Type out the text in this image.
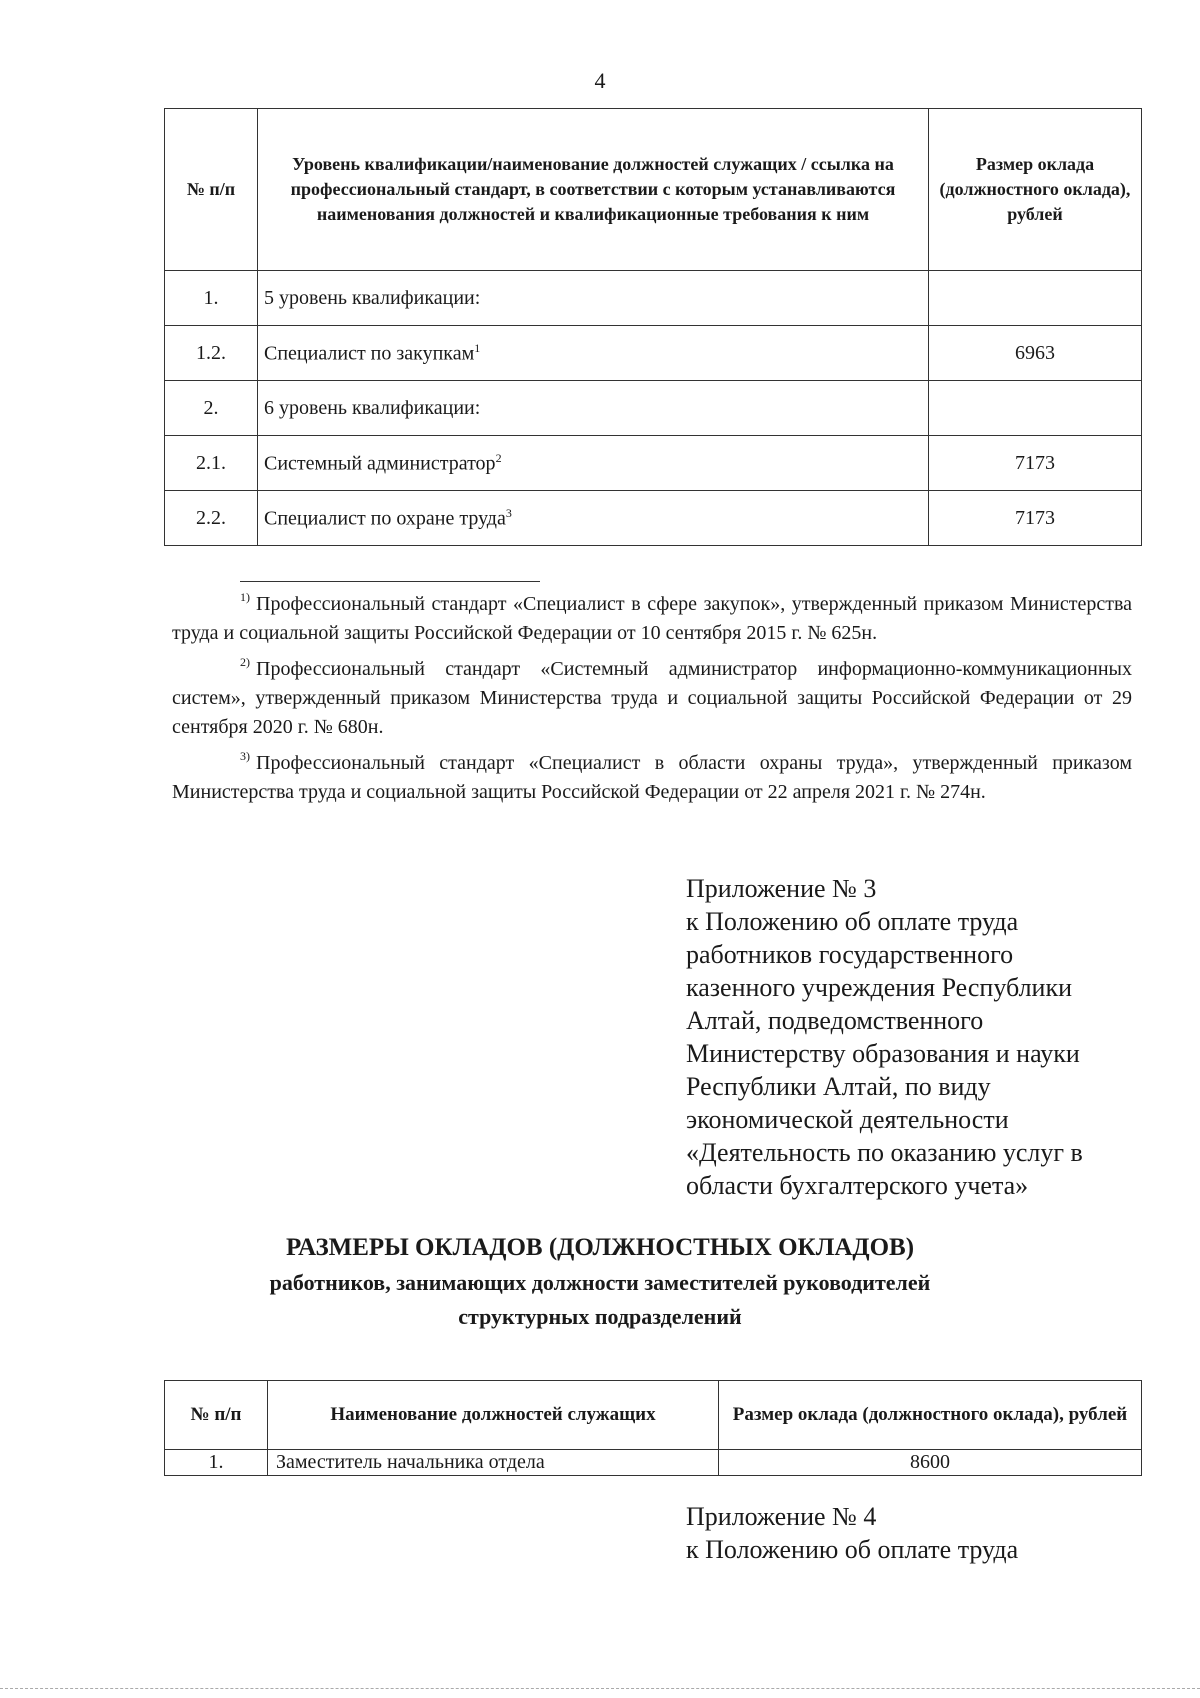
4
№ п/п	Уровень квалификации/наименование должностей служащих / ссылка на профессиональный стандарт, в соответствии с которым устанавливаются наименования должностей и квалификационные требования к ним	Размер оклада (должностного оклада), рублей
1.	5 уровень квалификации:	
1.2.	Специалист по закупкам$^1$	6963
2.	6 уровень квалификации:	
2.1.	Системный администратор$^2$	7173
2.2.	Специалист по охране труда$^3$	7173

$^{1)}$ Профессиональный стандарт «Специалист в сфере закупок», утвержденный приказом Министерства труда и социальной защиты Российской Федерации от 10 сентября 2015 г. № 625н.

$^{2)}$ Профессиональный стандарт «Системный администратор информационно-коммуникационных систем», утвержденный приказом Министерства труда и социальной защиты Российской Федерации от 29 сентября 2020 г. № 680н.

$^{3)}$ Профессиональный стандарт «Специалист в области охраны труда», утвержденный приказом Министерства труда и социальной защиты Российской Федерации от 22 апреля 2021 г. № 274н.

Приложение № 3
к Положению об оплате труда
работников государственного
казенного учреждения Республики
Алтай, подведомственного
Министерству образования и науки
Республики Алтай, по виду
экономической деятельности
«Деятельность по оказанию услуг в
области бухгалтерского учета»
РАЗМЕРЫ ОКЛАДОВ (ДОЛЖНОСТНЫХ ОКЛАДОВ)
работников, занимающих должности заместителей руководителей
структурных подразделений
№ п/п	Наименование должностей служащих	Размер оклада (должностного оклада), рублей
1.	Заместитель начальника отдела	8600
Приложение № 4
к Положению об оплате труда
